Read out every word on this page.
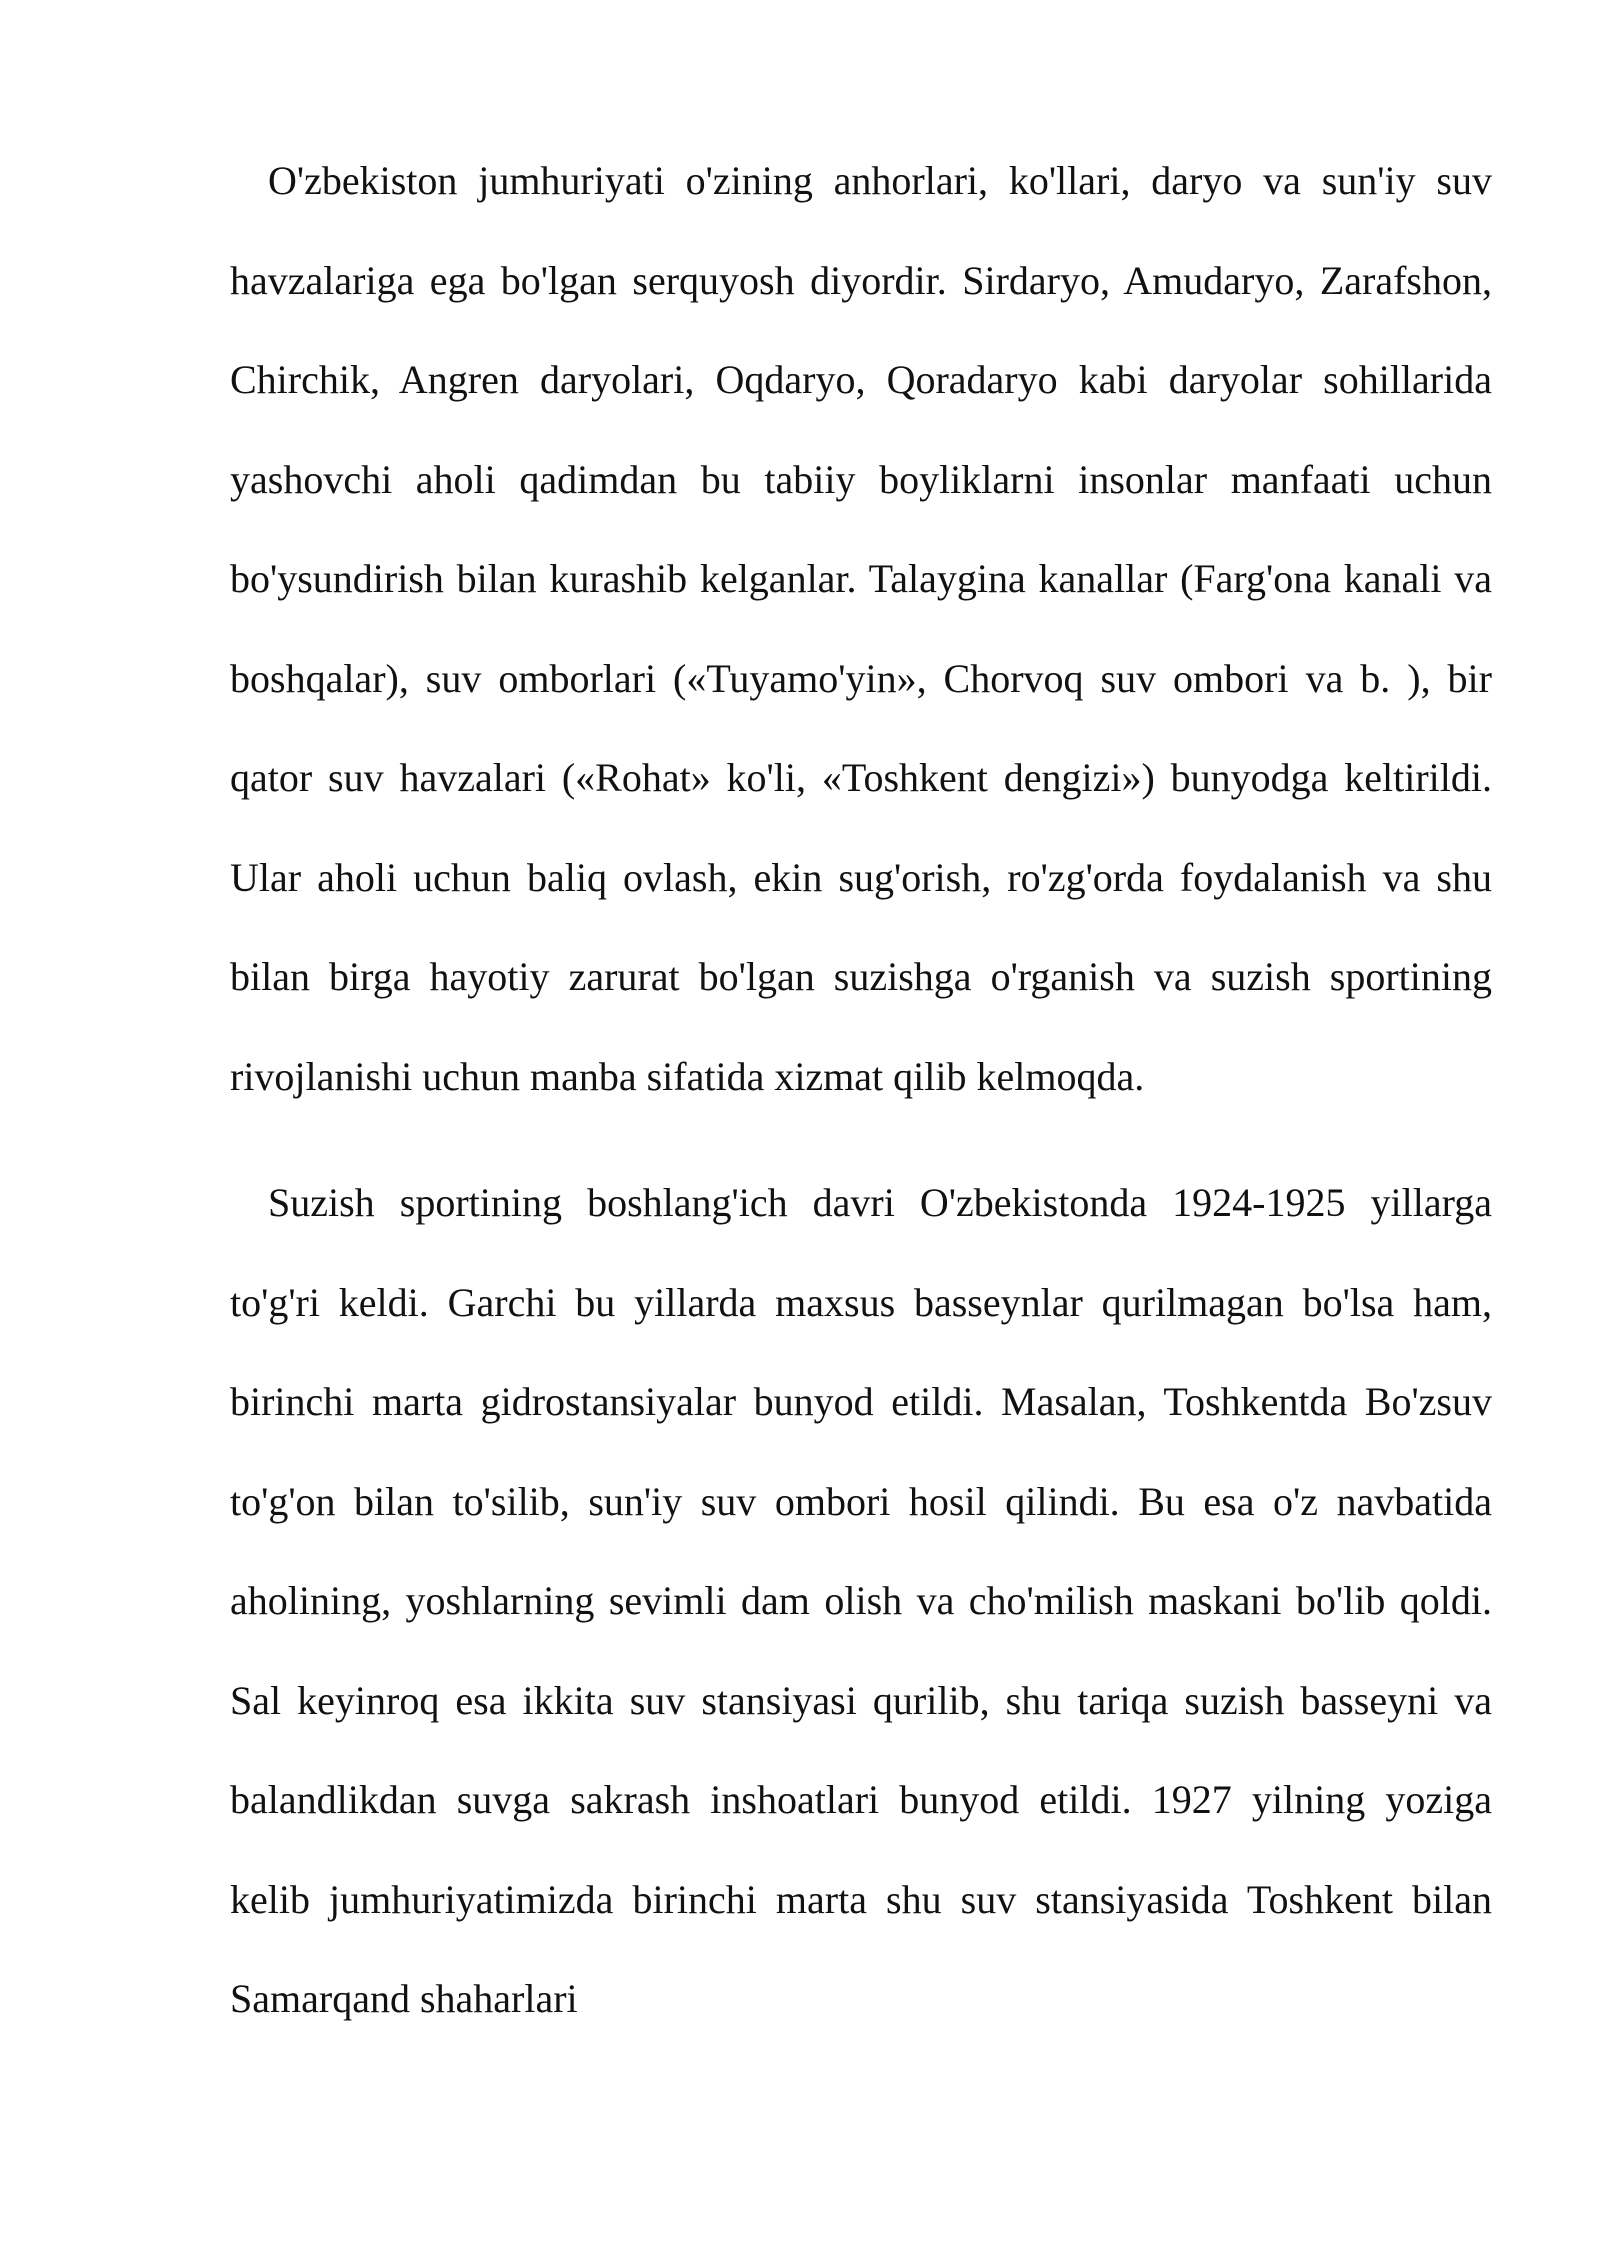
O'zbekiston jumhuriyati o'zining anhorlari, ko'llari, daryo va sun'iy suv havzalariga ega bo'lgan serquyosh diyordir. Sirdaryo, Amudaryo, Zarafshon, Chirchik, Angren daryolari, Oqdaryo, Qoradaryo kabi daryolar sohillarida yashovchi aholi qadimdan bu tabiiy boyliklarni insonlar manfaati uchun bo'ysundirish bilan kurashib kelganlar. Talaygina kanallar (Farg'ona kanali va boshqalar), suv omborlari («Tuyamo'yin», Chorvoq suv ombori va b. ), bir qator suv havzalari («Rohat» ko'li, «Toshkent dengizi») bunyodga keltirildi. Ular aholi uchun baliq ovlash, ekin sug'orish, ro'zg'orda foydalanish va shu bilan birga hayotiy zarurat bo'lgan suzishga o'rganish va suzish sportining rivojlanishi uchun manba sifatida xizmat qilib kelmoqda.

Suzish sportining boshlang'ich davri O'zbekistonda 1924-1925 yillarga to'g'ri keldi. Garchi bu yillarda maxsus basseynlar qurilmagan bo'lsa ham, birinchi marta gidrostansiyalar bunyod etildi. Masalan, Toshkentda Bo'zsuv to'g'on bilan to'silib, sun'iy suv ombori hosil qilindi. Bu esa o'z navbatida aholining, yoshlarning sevimli dam olish va cho'milish maskani bo'lib qoldi. Sal keyinroq esa ikkita suv stansiyasi qurilib, shu tariqa suzish basseyni va balandlikdan suvga sakrash inshoatlari bunyod etildi. 1927 yilning yoziga kelib jumhuriyatimizda birinchi marta shu suv stansiyasida Toshkent bilan Samarqand shaharlari
